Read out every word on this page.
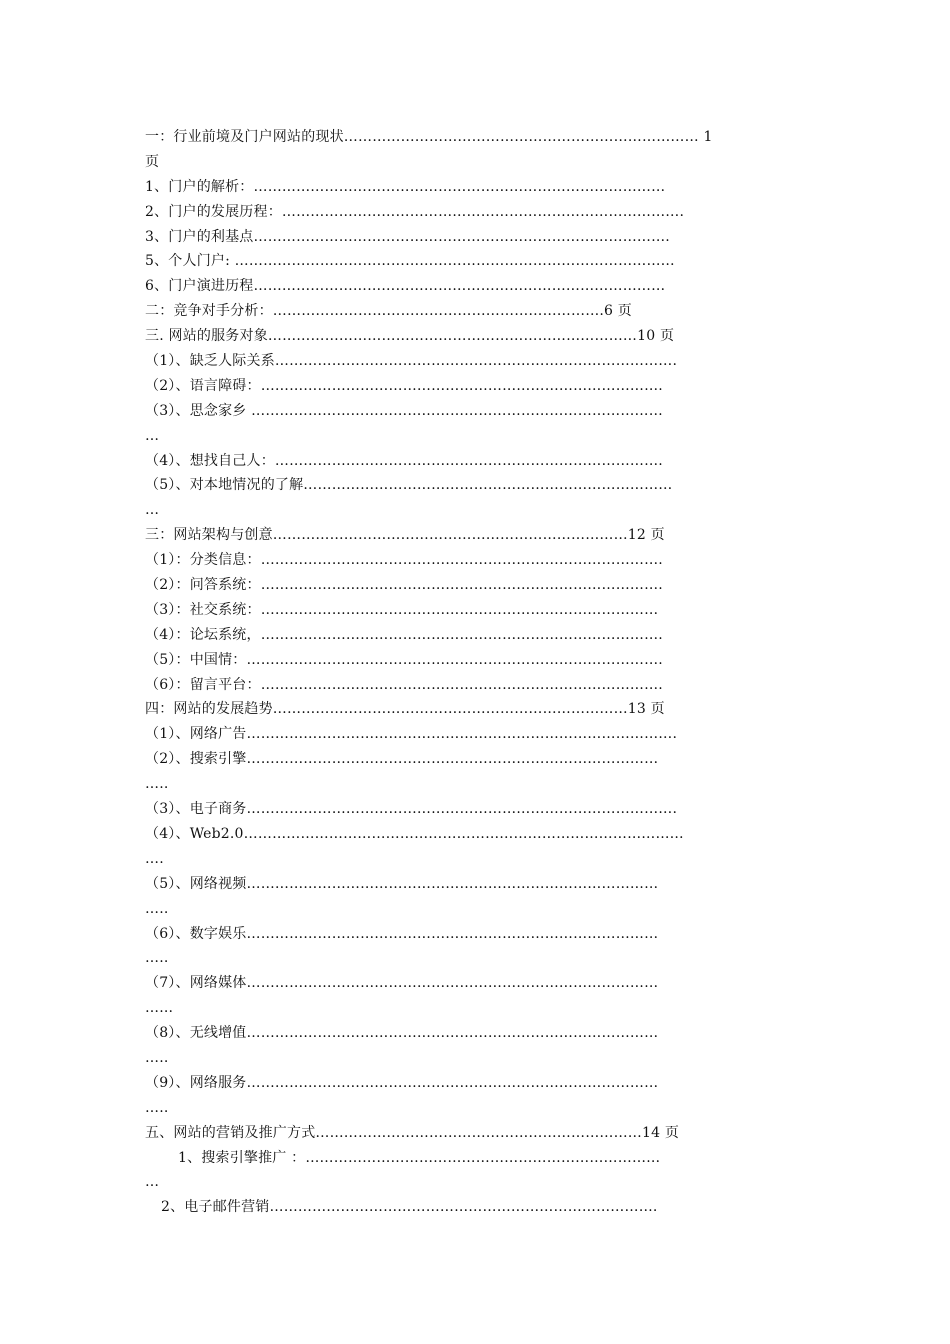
一：行业前境及门户网站的现状………………………………………………………………… 1
页
1、门户的解析：……………………………………………………………………………
2、门户的发展历程：………………………………………………………………………….
3、门户的利基点…………………………………………………………………………….
5、个人门户: …………………………………………………………………………………
6、门户演进历程……………………………………………………………………………
二：竞争对手分析：…………………………………………………………….6 页
三. 网站的服务对象……………………………………………………………………10 页
（1）、缺乏人际关系………………………………………………………………………….
（2）、语言障碍：………………………………………………………………………….
（3）、思念家乡 ……………………………………………………………………………
…
（4）、想找自己人：……………………………………………………………………….
（5）、对本地情况的了解……………………………………………………………………
…
三：网站架构与创意…………………………………………………………………12 页
（1）：分类信息：………………………………………………………………………….
（2）：问答系统：………………………………………………………………………….
（3）：社交系统：…………………………………………………………………………
（4）：论坛系统，………………………………………………………………………….
（5）：中国情：…………………………………………………………………………….
（6）：留言平台：………………………………………………………………………….
四：网站的发展趋势…………………………………………………………………13 页
（1）、网络广告……………………………………………………………………………….
（2）、搜索引擎……………………………………………………………………………
…..
（3）、电子商务……………………………………………………………………………….
（4）、Web2.0…………………………………………………………………………………
….
（5）、网络视频……………………………………………………………………………
…..
（6）、数字娱乐……………………………………………………………………………
…..
（7）、网络媒体……………………………………………………………………………
…...
（8）、无线增值……………………………………………………………………………
…..
（9）、网络服务……………………………………………………………………………
…..
五、网站的营销及推广方式……………………………………………………………14 页
1、搜索引擎推广 ：…………………………………………………………………
…
2、电子邮件营销……………………………………………………………………….
